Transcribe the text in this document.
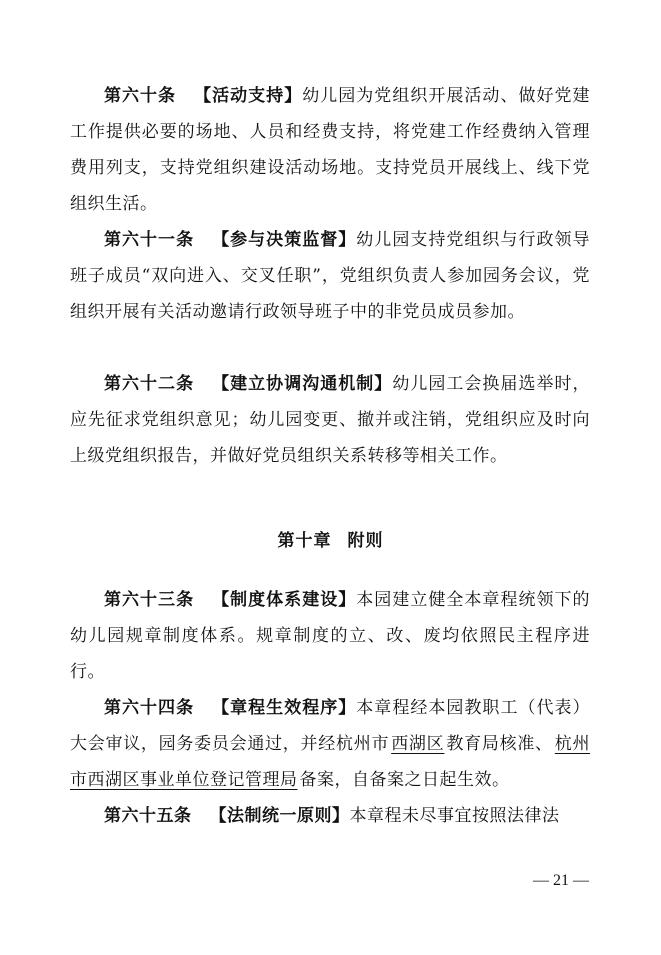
第六十条 【活动支持】幼儿园为党组织开展活动、做好党建工作提供必要的场地、人员和经费支持，将党建工作经费纳入管理费用列支，支持党组织建设活动场地。支持党员开展线上、线下党组织生活。

第六十一条 【参与决策监督】幼儿园支持党组织与行政领导班子成员“双向进入、交叉任职”，党组织负责人参加园务会议，党组织开展有关活动邀请行政领导班子中的非党员成员参加。

第六十二条 【建立协调沟通机制】幼儿园工会换届选举时，应先征求党组织意见；幼儿园变更、撤并或注销，党组织应及时向上级党组织报告，并做好党员组织关系转移等相关工作。

第十章 附则

第六十三条 【制度体系建设】本园建立健全本章程统领下的幼儿园规章制度体系。规章制度的立、改、废均依照民主程序进行。

第六十四条 【章程生效程序】本章程经本园教职工（代表）大会审议，园务委员会通过，并经杭州市 西湖区 教育局核准、 杭州市西湖区事业单位登记管理局 备案，自备案之日起生效。

第六十五条 【法制统一原则】本章程未尽事宜按照法律法

— 21 —
